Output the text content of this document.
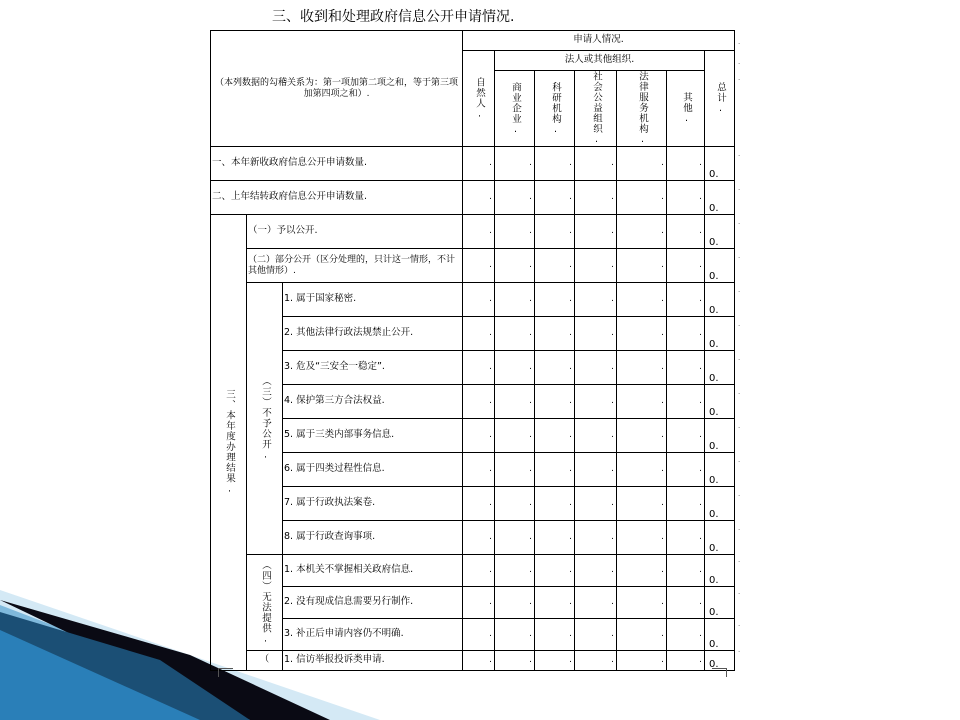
三、收到和处理政府信息公开申请情况.
（本列数据的勾稽关系为：第一项加第二项之和，等于第三项加第四项之和）.			申请人情况.						

			自然人.	法人或其他组织.					总计.

				商业企业.	科研机构.	社会公益组织.	法律服务机构.	其他.	

一、本年新收政府信息公开申请数量.			.	.	.	.	.	.	0.
二、上年结转政府信息公开申请数量.			.	.	.	.	.	.	0.

三、本年度办理结果.	（一）予以公开.		.	.	.	.	.	.	0.
	（二）部分公开（区分处理的，只计这一情形，不计其他情形）.		.	.	.	.	.	.	0.

	（三）不予公开.	1. 属于国家秘密.	.	.	.	.	.	.	0.
		2. 其他法律行政法规禁止公开.	.	.	.	.	.	.	0.
		3. 危及“三安全一稳定”.	.	.	.	.	.	.	0.
		4. 保护第三方合法权益.	.	.	.	.	.	.	0.
		5. 属于三类内部事务信息.	.	.	.	.	.	.	0.
		6. 属于四类过程性信息.	.	.	.	.	.	.	0.
		7. 属于行政执法案卷.	.	.	.	.	.	.	0.
		8. 属于行政查询事项.	.	.	.	.	.	.	0.

	（四）无法提供.	1. 本机关不掌握相关政府信息.	.	.	.	.	.	.	0.
		2. 没有现成信息需要另行制作.	.	.	.	.	.	.	0.
		3. 补正后申请内容仍不明确.	.	.	.	.	.	.	0.
	（	1. 信访举报投诉类申请.	.	.	.	.	.	.	0.
.
.
.
.
.
.
.
.
.
.
.
.
.
.
.
.
.
.
.
